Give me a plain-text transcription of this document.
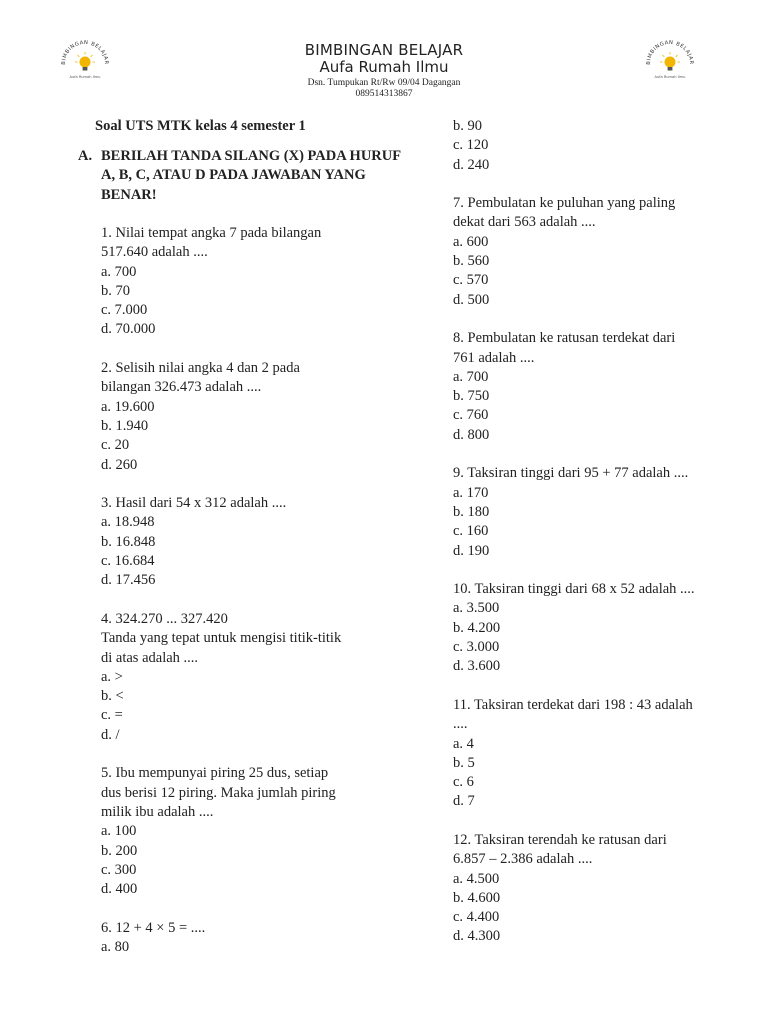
BIMBINGAN BELAJAR
Aufa Rumah Ilmu
BIMBINGAN BELAJAR
Aufa Rumah Ilmu
BIMBINGAN BELAJAR
Aufa Rumah Ilmu
Dsn. Tumpukan Rt/Rw 09/04 Dagangan
089514313867
Soal UTS MTK kelas 4 semester 1
A. BERILAH TANDA SILANG (X) PADA HURUF A, B, C, ATAU D PADA JAWABAN YANG BENAR!
1. Nilai tempat angka 7 pada bilangan
517.640 adalah ....
a. 700
b. 70
c. 7.000
d. 70.000
2. Selisih nilai angka 4 dan 2 pada
bilangan 326.473 adalah ....
a. 19.600
b. 1.940
c. 20
d. 260
3. Hasil dari 54 x 312 adalah ....
a. 18.948
b. 16.848
c. 16.684
d. 17.456
4. 324.270 ... 327.420
Tanda yang tepat untuk mengisi titik-titik
di atas adalah ....
a. >
b. <
c. =
d. /
5. Ibu mempunyai piring 25 dus, setiap
dus berisi 12 piring. Maka jumlah piring
milik ibu adalah ....
a. 100
b. 200
c. 300
d. 400
6. 12 + 4 × 5 = ....
a. 80
b. 90
c. 120
d. 240
7. Pembulatan ke puluhan yang paling
dekat dari 563 adalah ....
a. 600
b. 560
c. 570
d. 500
8. Pembulatan ke ratusan terdekat dari
761 adalah ....
a. 700
b. 750
c. 760
d. 800
9. Taksiran tinggi dari 95 + 77 adalah ....
a. 170
b. 180
c. 160
d. 190
10. Taksiran tinggi dari 68 x 52 adalah ....
a. 3.500
b. 4.200
c. 3.000
d. 3.600
11. Taksiran terdekat dari 198 : 43 adalah
....
a. 4
b. 5
c. 6
d. 7
12. Taksiran terendah ke ratusan dari
6.857 – 2.386 adalah ....
a. 4.500
b. 4.600
c. 4.400
d. 4.300
